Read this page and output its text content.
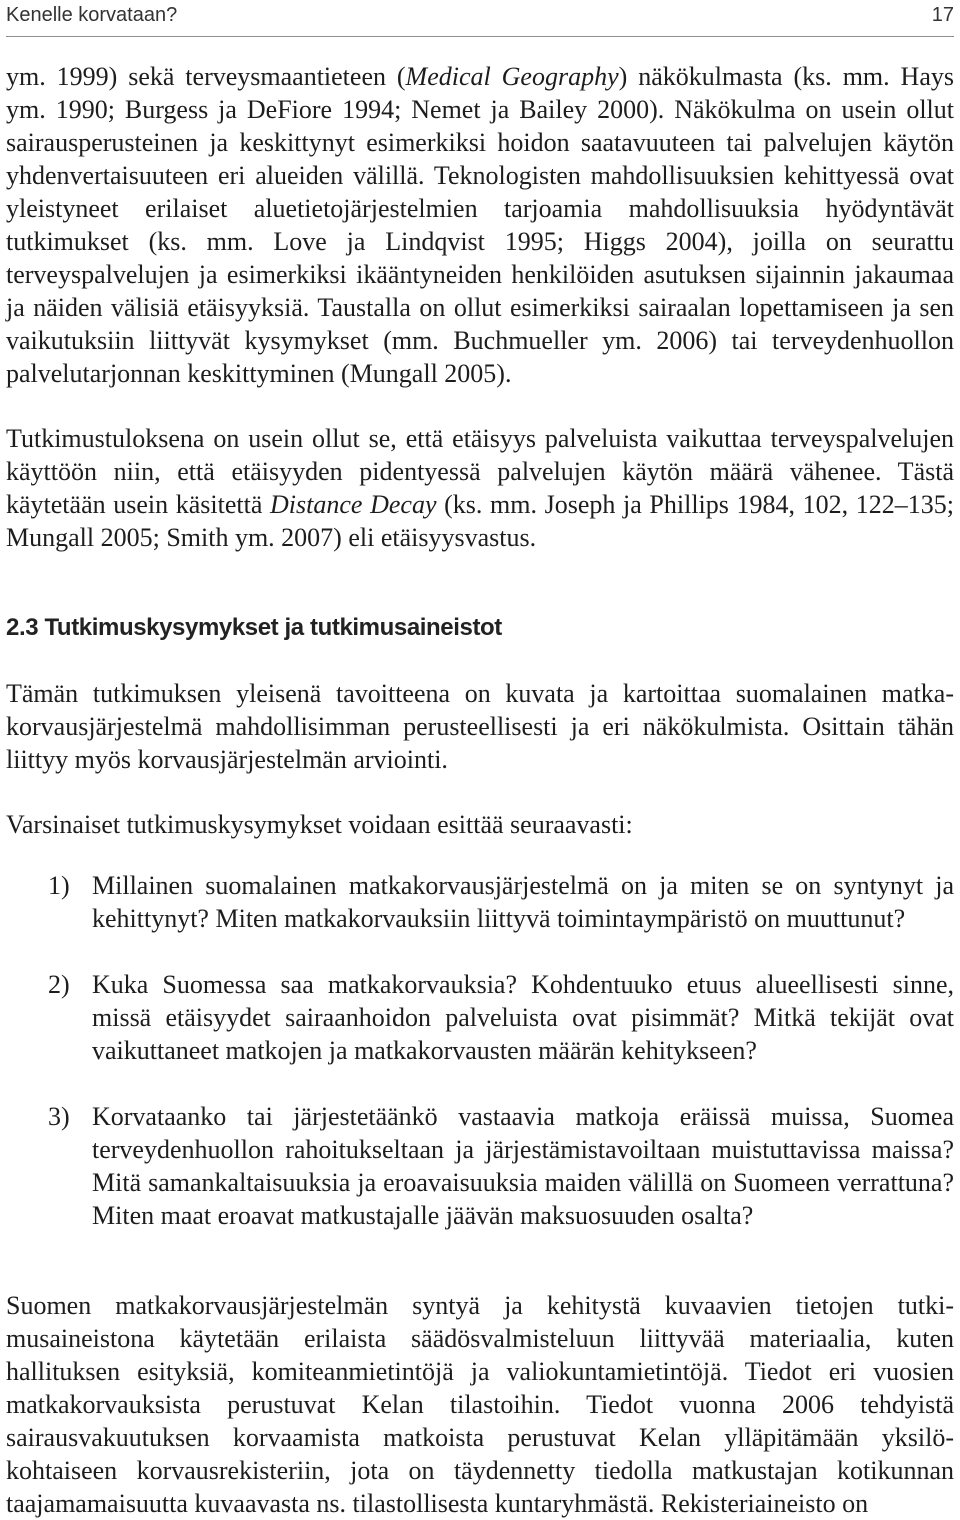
Kenelle korvataan?	17

ym. 1999) sekä terveysmaantieteen (Medical Geography) näkökulmasta (ks. mm. Hays ym. 1990; Burgess ja DeFiore 1994; Nemet ja Bailey 2000). Näkökulma on usein ollut sairausperusteinen ja keskittynyt esimerkiksi hoidon saatavuuteen tai palvelujen käytön yhdenvertaisuuteen eri alueiden välillä. Teknologisten mahdollisuuksien kehittyessä ovat yleistyneet erilaiset aluetietojärjestelmien tarjoamia mahdollisuuksia hyödyntävät tutkimukset (ks. mm. Love ja Lindqvist 1995; Higgs 2004), joilla on seurattu terveyspalvelujen ja esimerkiksi ikääntyneiden henkilöiden asutuksen sijainnin jakaumaa ja näiden välisiä etäisyyksiä. Taustalla on ollut esimerkiksi sairaalan lopettamiseen ja sen vaikutuksiin liittyvät kysymykset (mm. Buchmueller ym. 2006) tai terveydenhuollon palvelutarjonnan keskittyminen (Mungall 2005).

Tutkimustuloksena on usein ollut se, että etäisyys palveluista vaikuttaa terveyspalvelujen käyttöön niin, että etäisyyden pidentyessä palvelujen käytön määrä vähenee. Tästä käytetään usein käsitettä Distance Decay (ks. mm. Joseph ja Phillips 1984, 102, 122–135; Mungall 2005; Smith ym. 2007) eli etäisyysvastus.

2.3 Tutkimuskysymykset ja tutkimusaineistot

Tämän tutkimuksen yleisenä tavoitteena on kuvata ja kartoittaa suomalainen matkakorvausjärjestelmä mahdollisimman perusteellisesti ja eri näkökulmista. Osittain tähän liittyy myös korvausjärjestelmän arviointi.

Varsinaiset tutkimuskysymykset voidaan esittää seuraavasti:

1) Millainen suomalainen matkakorvausjärjestelmä on ja miten se on syntynyt ja kehittynyt? Miten matkakorvauksiin liittyvä toimintaympäristö on muuttunut?
2) Kuka Suomessa saa matkakorvauksia? Kohdentuuko etuus alueellisesti sinne, missä etäisyydet sairaanhoidon palveluista ovat pisimmät? Mitkä tekijät ovat vaikuttaneet matkojen ja matkakorvausten määrän kehitykseen?
3) Korvataanko tai järjestetäänkö vastaavia matkoja eräissä muissa, Suomea terveydenhuollon rahoitukseltaan ja järjestämistavoiltaan muistuttavissa maissa? Mitä samankaltaisuuksia ja eroavaisuuksia maiden välillä on Suomeen verrattuna? Miten maat eroavat matkustajalle jäävän maksuosuuden osalta?

Suomen matkakorvausjärjestelmän syntyä ja kehitystä kuvaavien tietojen tutkimusaineistona käytetään erilaista säädösvalmisteluun liittyvää materiaalia, kuten hallituksen esityksiä, komiteanmietintöjä ja valiokuntamietintöjä. Tiedot eri vuosien matkakorvauksista perustuvat Kelan tilastoihin. Tiedot vuonna 2006 tehdyistä sairausvakuutuksen korvaamista matkoista perustuvat Kelan ylläpitämään yksilökohtaiseen korvausrekisteriin, jota on täydennetty tiedolla matkustajan kotikunnan taajamamaisuutta kuvaavasta ns. tilastollisesta kuntaryhmästä. Rekisteriaineisto on
